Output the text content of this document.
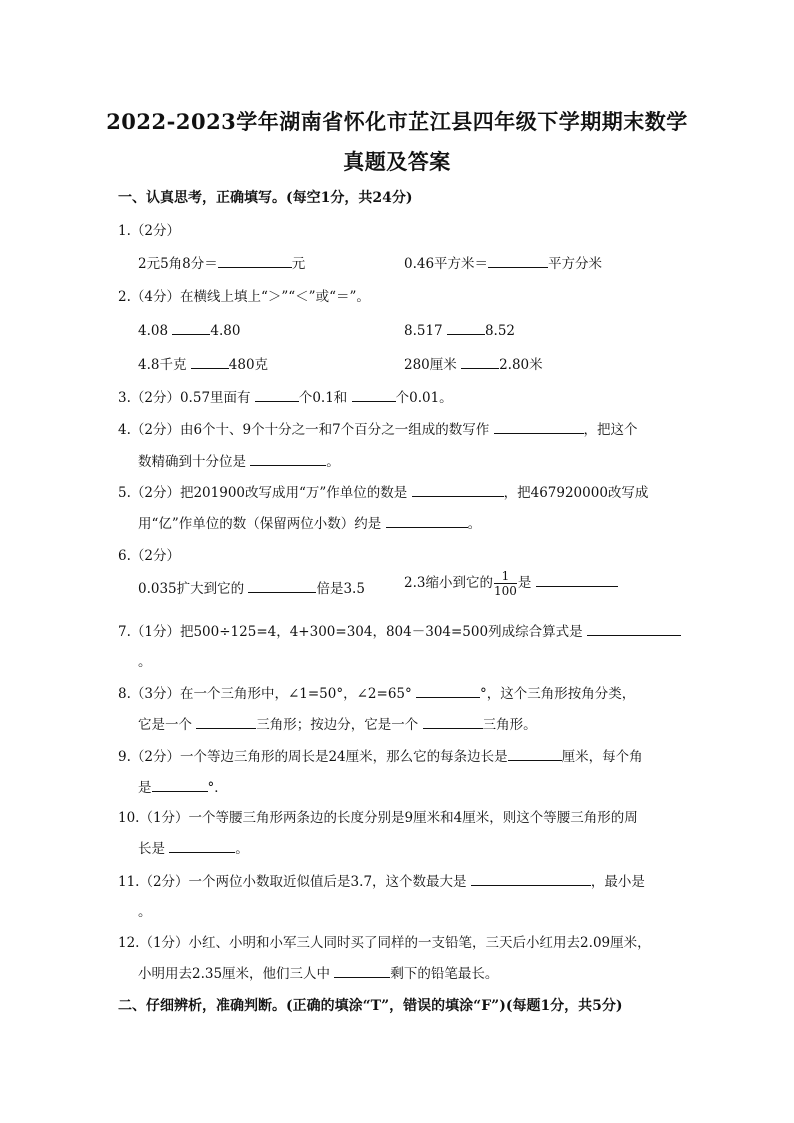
2022-2023学年湖南省怀化市芷江县四年级下学期期末数学
真题及答案
一、认真思考，正确填写。(每空1分，共24分)
1.（2分）
2元5角8分＝	元	0.46平方米＝	平方分米
2.（4分）在横线上填上“＞”“＜”或“＝”。
4.08	4.80	8.517	8.52
4.8千克	480克	280厘米	2.80米
3.（2分）0.57里面有	个0.1和	个0.01。
4.（2分）由6个十、9个十分之一和7个百分之一组成的数写作	，把这个
数精确到十分位是	。
5.（2分）把201900改写成用“万”作单位的数是	，把467920000改写成
用“亿”作单位的数（保留两位小数）约是	。
6.（2分）
0.035扩大到它的	倍是3.5	2.3缩小到它的 $\frac{1}{100}$ 是
7.（1分）把500÷125=4，4+300=304，804－304=500列成综合算式是
。
8.（3分）在一个三角形中，∠1=50°，∠2=65°	°，这个三角形按角分类，
它是一个	三角形；按边分，它是一个	三角形。
9.（2分）一个等边三角形的周长是24厘米，那么它的每条边长是	厘米，每个角
是	°．
10.（1分）一个等腰三角形两条边的长度分别是9厘米和4厘米，则这个等腰三角形的周
长是	。
11.（2分）一个两位小数取近似值后是3.7，这个数最大是	，最小是
。
12.（1分）小红、小明和小军三人同时买了同样的一支铅笔，三天后小红用去2.09厘米，
小明用去2.35厘米，他们三人中	剩下的铅笔最长。
二、仔细辨析，准确判断。(正确的填涂“T”，错误的填涂“F”)(每题1分，共5分)
